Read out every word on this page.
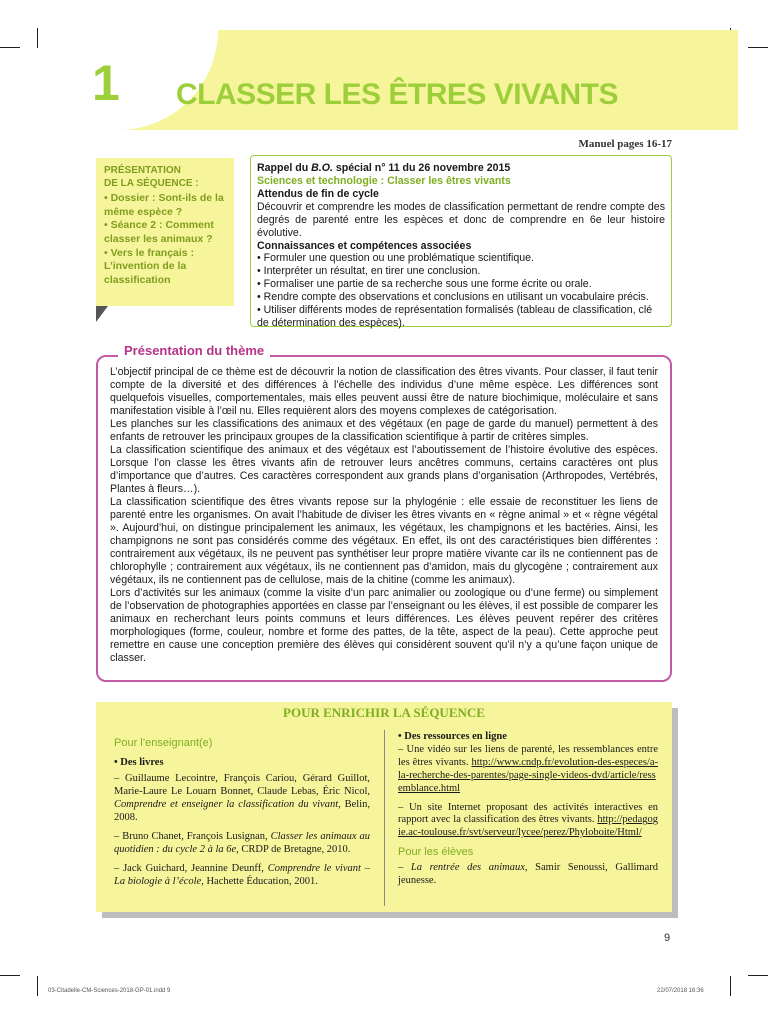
1 CLASSER LES ÊTRES VIVANTS
Manuel pages 16-17
PRÉSENTATION
DE LA SÉQUENCE :
• Dossier : Sont-ils de la même espèce ?
• Séance 2 : Comment classer les animaux ?
• Vers le français : L’invention de la classification
Rappel du B.O. spécial n° 11 du 26 novembre 2015
Sciences et technologie : Classer les êtres vivants
Attendus de fin de cycle
Découvrir et comprendre les modes de classification permettant de rendre compte des degrés de parenté entre les espèces et donc de comprendre en 6e leur histoire évolutive.
Connaissances et compétences associées
• Formuler une question ou une problématique scientifique.
• Interpréter un résultat, en tirer une conclusion.
• Formaliser une partie de sa recherche sous une forme écrite ou orale.
• Rendre compte des observations et conclusions en utilisant un vocabulaire précis.
• Utiliser différents modes de représentation formalisés (tableau de classification, clé de détermination des espèces).

L’objectif principal de ce thème est de découvrir la notion de classification des êtres vivants. Pour classer, il faut tenir compte de la diversité et des différences à l’échelle des individus d’une même espèce. Les différences sont quelquefois visuelles, comportementales, mais elles peuvent aussi être de nature biochimique, moléculaire et sans manifestation visible à l’œil nu. Elles requièrent alors des moyens complexes de catégorisation.

Les planches sur les classifications des animaux et des végétaux (en page de garde du manuel) permettent à des enfants de retrouver les principaux groupes de la classification scientifique à partir de critères simples.

La classification scientifique des animaux et des végétaux est l’aboutissement de l’histoire évolutive des espèces. Lorsque l’on classe les êtres vivants afin de retrouver leurs ancêtres communs, certains caractères ont plus d’importance que d’autres. Ces caractères correspondent aux grands plans d’organisation (Arthropodes, Vertébrés, Plantes à fleurs…).

La classification scientifique des êtres vivants repose sur la phylogénie : elle essaie de reconstituer les liens de parenté entre les organismes. On avait l’habitude de diviser les êtres vivants en « règne animal » et « règne végétal ». Aujourd’hui, on distingue principalement les animaux, les végétaux, les champignons et les bactéries. Ainsi, les champignons ne sont pas considérés comme des végétaux. En effet, ils ont des caractéristiques bien différentes : contrairement aux végétaux, ils ne peuvent pas synthétiser leur propre matière vivante car ils ne contiennent pas de chlorophylle ; contrairement aux végétaux, ils ne contiennent pas d’amidon, mais du glycogène ; contrairement aux végétaux, ils ne contiennent pas de cellulose, mais de la chitine (comme les animaux).

Lors d’activités sur les animaux (comme la visite d’un parc animalier ou zoologique ou d’une ferme) ou simplement de l’observation de photographies apportées en classe par l’enseignant ou les élèves, il est possible de comparer les animaux en recherchant leurs points communs et leurs différences. Les élèves peuvent repérer des critères morphologiques (forme, couleur, nombre et forme des pattes, de la tête, aspect de la peau). Cette approche peut remettre en cause une conception première des élèves qui considèrent souvent qu’il n’y a qu’une façon unique de classer.

Présentation du thème
POUR ENRICHIR LA SÉQUENCE
Pour l’enseignant(e)
• Des livres
– Guillaume Lecointre, François Cariou, Gérard Guillot, Marie-Laure Le Louarn Bonnet, Claude Lebas, Éric Nicol, Comprendre et enseigner la classification du vivant, Belin, 2008.
– Bruno Chanet, François Lusignan, Classer les animaux au quotidien : du cycle 2 à la 6e, CRDP de Bretagne, 2010.
– Jack Guichard, Jeannine Deunff, Comprendre le vivant – La biologie à l’école, Hachette Éducation, 2001.
• Des ressources en ligne
– Une vidéo sur les liens de parenté, les ressemblances entre les êtres vivants. http://www.cndp.fr/evolution-des-especes/a-la-recherche-des-parentes/page-single-videos-dvd/article/ressemblance.html
– Un site Internet proposant des activités interactives en rapport avec la classification des êtres vivants. http://pedagogie.ac-toulouse.fr/svt/serveur/lycee/perez/Phyloboite/Html/
Pour les élèves
– La rentrée des animaux, Samir Senoussi, Gallimard jeunesse.
9
03-Citadelle-CM-Sciences-2018-GP-01.indd 9	22/07/2018 16:36
